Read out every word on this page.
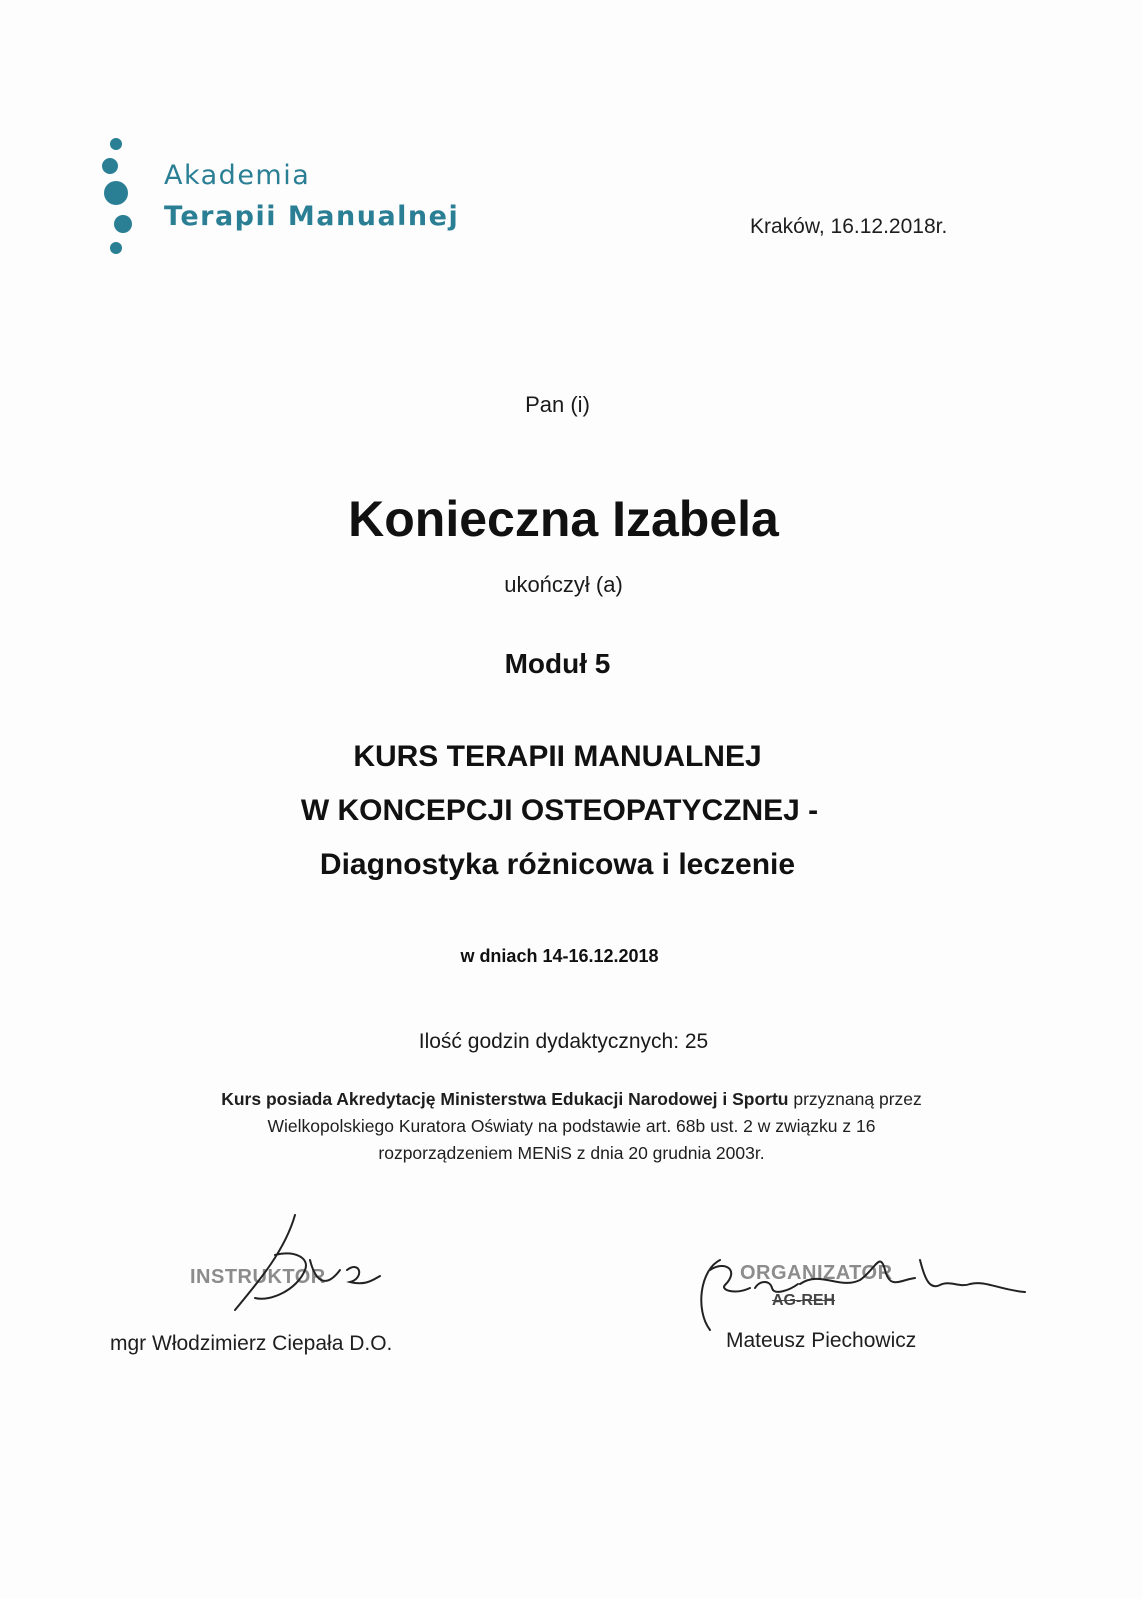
Akademia
Terapii Manualnej	Kraków, 16.12.2018r.
Pan (i)
Konieczna Izabela
ukończył (a)
Moduł 5
KURS TERAPII MANUALNEJ
W KONCEPCJI OSTEOPATYCZNEJ -
Diagnostyka różnicowa i leczenie
w dniach 14-16.12.2018
Ilość godzin dydaktycznych: 25
Kurs posiada Akredytację Ministerstwa Edukacji Narodowej i Sportu przyznaną przez
Wielkopolskiego Kuratora Oświaty na podstawie art. 68b ust. 2 w związku z 16
rozporządzeniem MENiS z dnia 20 grudnia 2003r.
INSTRUKTOR
mgr Włodzimierz Ciepała D.O.
ORGANIZATOR
AG-REH
Mateusz Piechowicz
